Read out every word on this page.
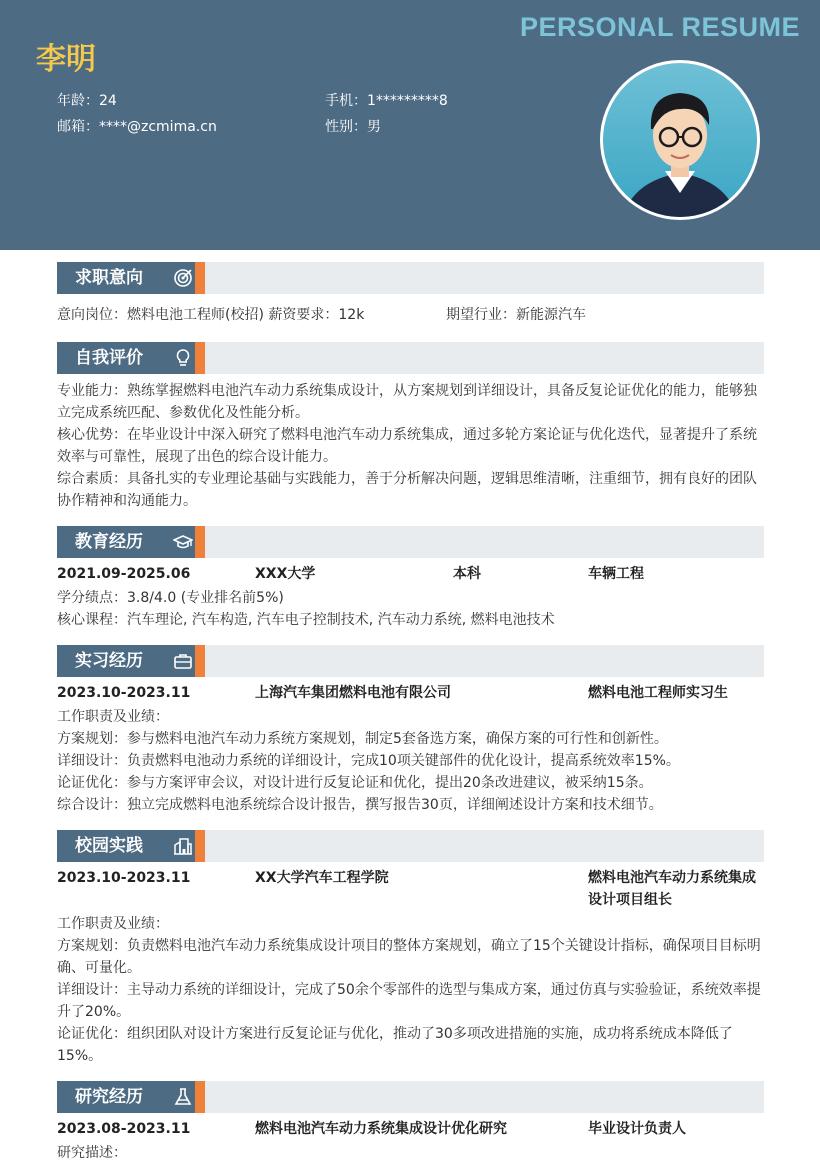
PERSONAL RESUME
李明
年龄：24	手机：1*********8
邮箱：****@zcmima.cn	性别：男
求职意向
意向岗位：燃料电池工程师(校招) 薪资要求：12k	期望行业：新能源汽车
自我评价
专业能力：熟练掌握燃料电池汽车动力系统集成设计，从方案规划到详细设计，具备反复论证优化的能力，能够独立完成系统匹配、参数优化及性能分析。
核心优势：在毕业设计中深入研究了燃料电池汽车动力系统集成，通过多轮方案论证与优化迭代，显著提升了系统效率与可靠性，展现了出色的综合设计能力。
综合素质：具备扎实的专业理论基础与实践能力，善于分析解决问题，逻辑思维清晰，注重细节，拥有良好的团队协作精神和沟通能力。
教育经历
2021.09-2025.06	XXX大学	本科	车辆工程
学分绩点：3.8/4.0 (专业排名前5%)
核心课程：汽车理论, 汽车构造, 汽车电子控制技术, 汽车动力系统, 燃料电池技术
实习经历
2023.10-2023.11	上海汽车集团燃料电池有限公司	燃料电池工程师实习生
工作职责及业绩：
方案规划：参与燃料电池汽车动力系统方案规划，制定5套备选方案，确保方案的可行性和创新性。
详细设计：负责燃料电池动力系统的详细设计，完成10项关键部件的优化设计，提高系统效率15%。
论证优化：参与方案评审会议，对设计进行反复论证和优化，提出20条改进建议，被采纳15条。
综合设计：独立完成燃料电池系统综合设计报告，撰写报告30页，详细阐述设计方案和技术细节。
校园实践
2023.10-2023.11	XX大学汽车工程学院	燃料电池汽车动力系统集成
设计项目组长
工作职责及业绩：
方案规划：负责燃料电池汽车动力系统集成设计项目的整体方案规划，确立了15个关键设计指标，确保项目目标明确、可量化。
详细设计：主导动力系统的详细设计，完成了50余个零部件的选型与集成方案，通过仿真与实验验证，系统效率提升了20%。
论证优化：组织团队对设计方案进行反复论证与优化，推动了30多项改进措施的实施，成功将系统成本降低了15%。
研究经历
2023.08-2023.11	燃料电池汽车动力系统集成设计优化研究	毕业设计负责人
研究描述：
